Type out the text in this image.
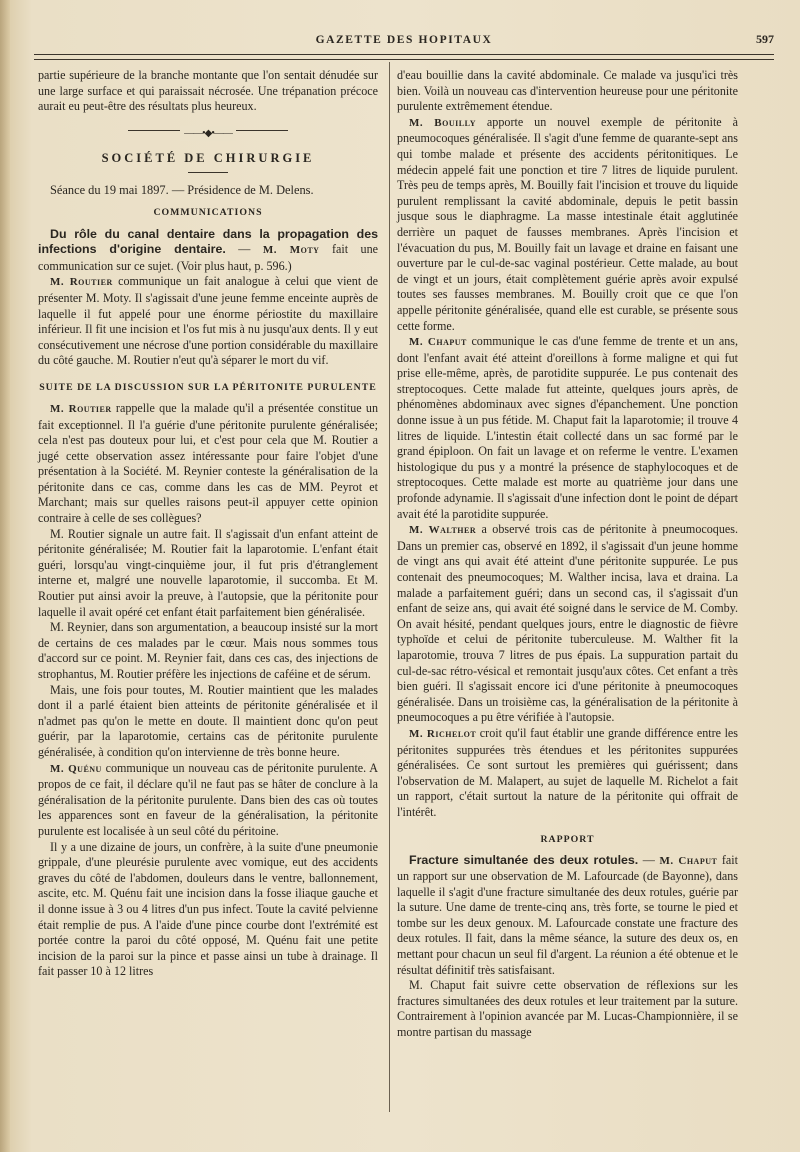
GAZETTE DES HOPITAUX	597

partie supérieure de la branche montante que l'on sentait dénudée sur une large surface et qui paraissait nécrosée. Une trépanation précoce aurait eu peut-être des résultats plus heureux.

——•◆•——
SOCIÉTÉ DE CHIRURGIE

Séance du 19 mai 1897. — Présidence de M. Delens.

COMMUNICATIONS

Du rôle du canal dentaire dans la propagation des infections d'origine dentaire. — M. Moty fait une communication sur ce sujet. (Voir plus haut, p. 596.)

M. Routier communique un fait analogue à celui que vient de présenter M. Moty. Il s'agissait d'une jeune femme enceinte auprès de laquelle il fut appelé pour une énorme périostite du maxillaire inférieur. Il fit une incision et l'os fut mis à nu jusqu'aux dents. Il y eut consécutivement une nécrose d'une portion considérable du maxillaire du côté gauche. M. Routier n'eut qu'à séparer le mort du vif.

SUITE DE LA DISCUSSION SUR LA PÉRITONITE PURULENTE

M. Routier rappelle que la malade qu'il a présentée constitue un fait exceptionnel. Il l'a guérie d'une péritonite purulente généralisée; cela n'est pas douteux pour lui, et c'est pour cela que M. Routier a jugé cette observation assez intéressante pour faire l'objet d'une présentation à la Société. M. Reynier conteste la généralisation de la péritonite dans ce cas, comme dans les cas de MM. Peyrot et Marchant; mais sur quelles raisons peut-il appuyer cette opinion contraire à celle de ses collègues?

M. Routier signale un autre fait. Il s'agissait d'un enfant atteint de péritonite généralisée; M. Routier fait la laparotomie. L'enfant était guéri, lorsqu'au vingt-cinquième jour, il fut pris d'étranglement interne et, malgré une nouvelle laparotomie, il succomba. Et M. Routier put ainsi avoir la preuve, à l'autopsie, que la péritonite pour laquelle il avait opéré cet enfant était parfaitement bien généralisée.

M. Reynier, dans son argumentation, a beaucoup insisté sur la mort de certains de ces malades par le cœur. Mais nous sommes tous d'accord sur ce point. M. Reynier fait, dans ces cas, des injections de strophantus, M. Routier préfère les injections de caféine et de sérum.

Mais, une fois pour toutes, M. Routier maintient que les malades dont il a parlé étaient bien atteints de péritonite généralisée et il n'admet pas qu'on le mette en doute. Il maintient donc qu'on peut guérir, par la laparotomie, certains cas de péritonite purulente généralisée, à condition qu'on intervienne de très bonne heure.

M. Quénu communique un nouveau cas de péritonite purulente. A propos de ce fait, il déclare qu'il ne faut pas se hâter de conclure à la généralisation de la péritonite purulente. Dans bien des cas où toutes les apparences sont en faveur de la généralisation, la péritonite purulente est localisée à un seul côté du péritoine.

Il y a une dizaine de jours, un confrère, à la suite d'une pneumonie grippale, d'une pleurésie purulente avec vomique, eut des accidents graves du côté de l'abdomen, douleurs dans le ventre, ballonnement, ascite, etc. M. Quénu fait une incision dans la fosse iliaque gauche et il donne issue à 3 ou 4 litres d'un pus infect. Toute la cavité pelvienne était remplie de pus. A l'aide d'une pince courbe dont l'extrémité est portée contre la paroi du côté opposé, M. Quénu fait une petite incision de la paroi sur la pince et passe ainsi un tube à drainage. Il fait passer 10 à 12 litres

d'eau bouillie dans la cavité abdominale. Ce malade va jusqu'ici très bien. Voilà un nouveau cas d'intervention heureuse pour une péritonite purulente extrêmement étendue.

M. Bouilly apporte un nouvel exemple de péritonite à pneumocoques généralisée. Il s'agit d'une femme de quarante-sept ans qui tombe malade et présente des accidents péritonitiques. Le médecin appelé fait une ponction et tire 7 litres de liquide purulent. Très peu de temps après, M. Bouilly fait l'incision et trouve du liquide purulent remplissant la cavité abdominale, depuis le petit bassin jusque sous le diaphragme. La masse intestinale était agglutinée derrière un paquet de fausses membranes. Après l'incision et l'évacuation du pus, M. Bouilly fait un lavage et draine en faisant une ouverture par le cul-de-sac vaginal postérieur. Cette malade, au bout de vingt et un jours, était complètement guérie après avoir expulsé toutes ses fausses membranes. M. Bouilly croit que ce que l'on appelle péritonite généralisée, quand elle est curable, se présente sous cette forme.

M. Chaput communique le cas d'une femme de trente et un ans, dont l'enfant avait été atteint d'oreillons à forme maligne et qui fut prise elle-même, après, de parotidite suppurée. Le pus contenait des streptocoques. Cette malade fut atteinte, quelques jours après, de phénomènes abdominaux avec signes d'épanchement. Une ponction donne issue à un pus fétide. M. Chaput fait la laparotomie; il trouve 4 litres de liquide. L'intestin était collecté dans un sac formé par le grand épiploon. On fait un lavage et on referme le ventre. L'examen histologique du pus y a montré la présence de staphylocoques et de streptocoques. Cette malade est morte au quatrième jour dans une profonde adynamie. Il s'agissait d'une infection dont le point de départ avait été la parotidite suppurée.

M. Walther a observé trois cas de péritonite à pneumocoques. Dans un premier cas, observé en 1892, il s'agissait d'un jeune homme de vingt ans qui avait été atteint d'une péritonite suppurée. Le pus contenait des pneumocoques; M. Walther incisa, lava et draina. La malade a parfaitement guéri; dans un second cas, il s'agissait d'un enfant de seize ans, qui avait été soigné dans le service de M. Comby. On avait hésité, pendant quelques jours, entre le diagnostic de fièvre typhoïde et celui de péritonite tuberculeuse. M. Walther fit la laparotomie, trouva 7 litres de pus épais. La suppuration partait du cul-de-sac rétro-vésical et remontait jusqu'aux côtes. Cet enfant a très bien guéri. Il s'agissait encore ici d'une péritonite à pneumocoques généralisée. Dans un troisième cas, la généralisation de la péritonite à pneumocoques a pu être vérifiée à l'autopsie.

M. Richelot croit qu'il faut établir une grande différence entre les péritonites suppurées très étendues et les péritonites suppurées généralisées. Ce sont surtout les premières qui guérissent; dans l'observation de M. Malapert, au sujet de laquelle M. Richelot a fait un rapport, c'était surtout la nature de la péritonite qui offrait de l'intérêt.

RAPPORT

Fracture simultanée des deux rotules. — M. Chaput fait un rapport sur une observation de M. Lafourcade (de Bayonne), dans laquelle il s'agit d'une fracture simultanée des deux rotules, guérie par la suture. Une dame de trente-cinq ans, très forte, se tourne le pied et tombe sur les deux genoux. M. Lafourcade constate une fracture des deux rotules. Il fait, dans la même séance, la suture des deux os, en mettant pour chacun un seul fil d'argent. La réunion a été obtenue et le résultat définitif très satisfaisant.

M. Chaput fait suivre cette observation de réflexions sur les fractures simultanées des deux rotules et leur traitement par la suture. Contrairement à l'opinion avancée par M. Lucas-Championnière, il se montre partisan du massage
